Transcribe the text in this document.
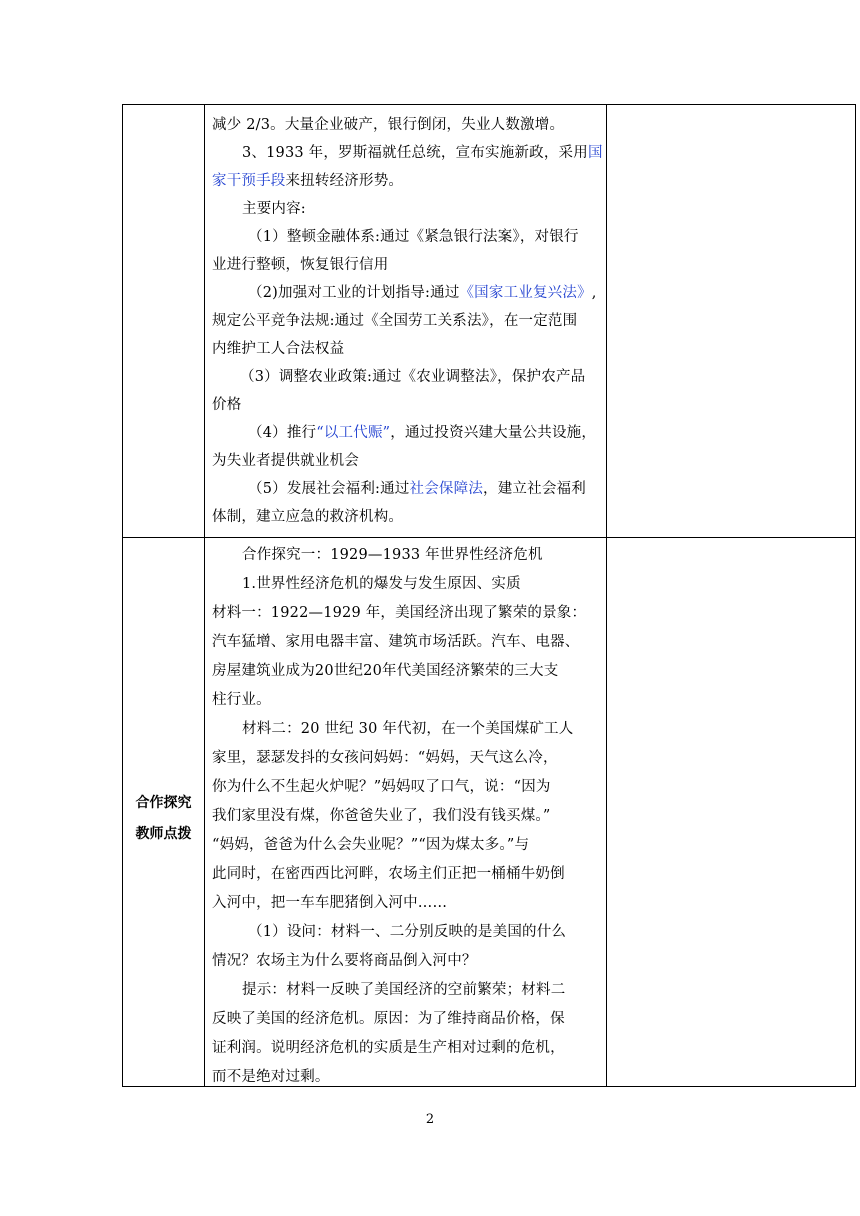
减少 2/3。大量企业破产，银行倒闭，失业人数激增。
3、1933 年，罗斯福就任总统，宣布实施新政，采用国
家干预手段来扭转经济形势。
主要内容:
（1）整顿金融体系:通过《紧急银行法案》，对银行
业进行整顿，恢复银行信用
（2)加强对工业的计划指导:通过《国家工业复兴法》,
规定公平竞争法规:通过《全国劳工关系法》，在一定范围
内维护工人合法权益
（3）调整农业政策:通过《农业调整法》，保护农产品
价格
（4）推行“以工代赈”，通过投资兴建大量公共设施，
为失业者提供就业机会
（5）发展社会福利:通过社会保障法，建立社会福利
体制，建立应急的救济机构。
合作探究
教师点拨
合作探究一：1929—1933 年世界性经济危机
1.世界性经济危机的爆发与发生原因、实质
材料一：1922—1929 年，美国经济出现了繁荣的景象：
汽车猛增、家用电器丰富、建筑市场活跃。汽车、电器、
房屋建筑业成为20世纪20年代美国经济繁荣的三大支
柱行业。
材料二：20 世纪 30 年代初，在一个美国煤矿工人
家里，瑟瑟发抖的女孩问妈妈：“妈妈，天气这么冷，
你为什么不生起火炉呢？”妈妈叹了口气，说：“因为
我们家里没有煤，你爸爸失业了，我们没有钱买煤。”
“妈妈，爸爸为什么会失业呢？”“因为煤太多。”与
此同时，在密西西比河畔，农场主们正把一桶桶牛奶倒
入河中，把一车车肥猪倒入河中……
（1）设问：材料一、二分别反映的是美国的什么
情况？农场主为什么要将商品倒入河中？
提示：材料一反映了美国经济的空前繁荣；材料二
反映了美国的经济危机。原因：为了维持商品价格，保
证利润。说明经济危机的实质是生产相对过剩的危机，
而不是绝对过剩。
2
